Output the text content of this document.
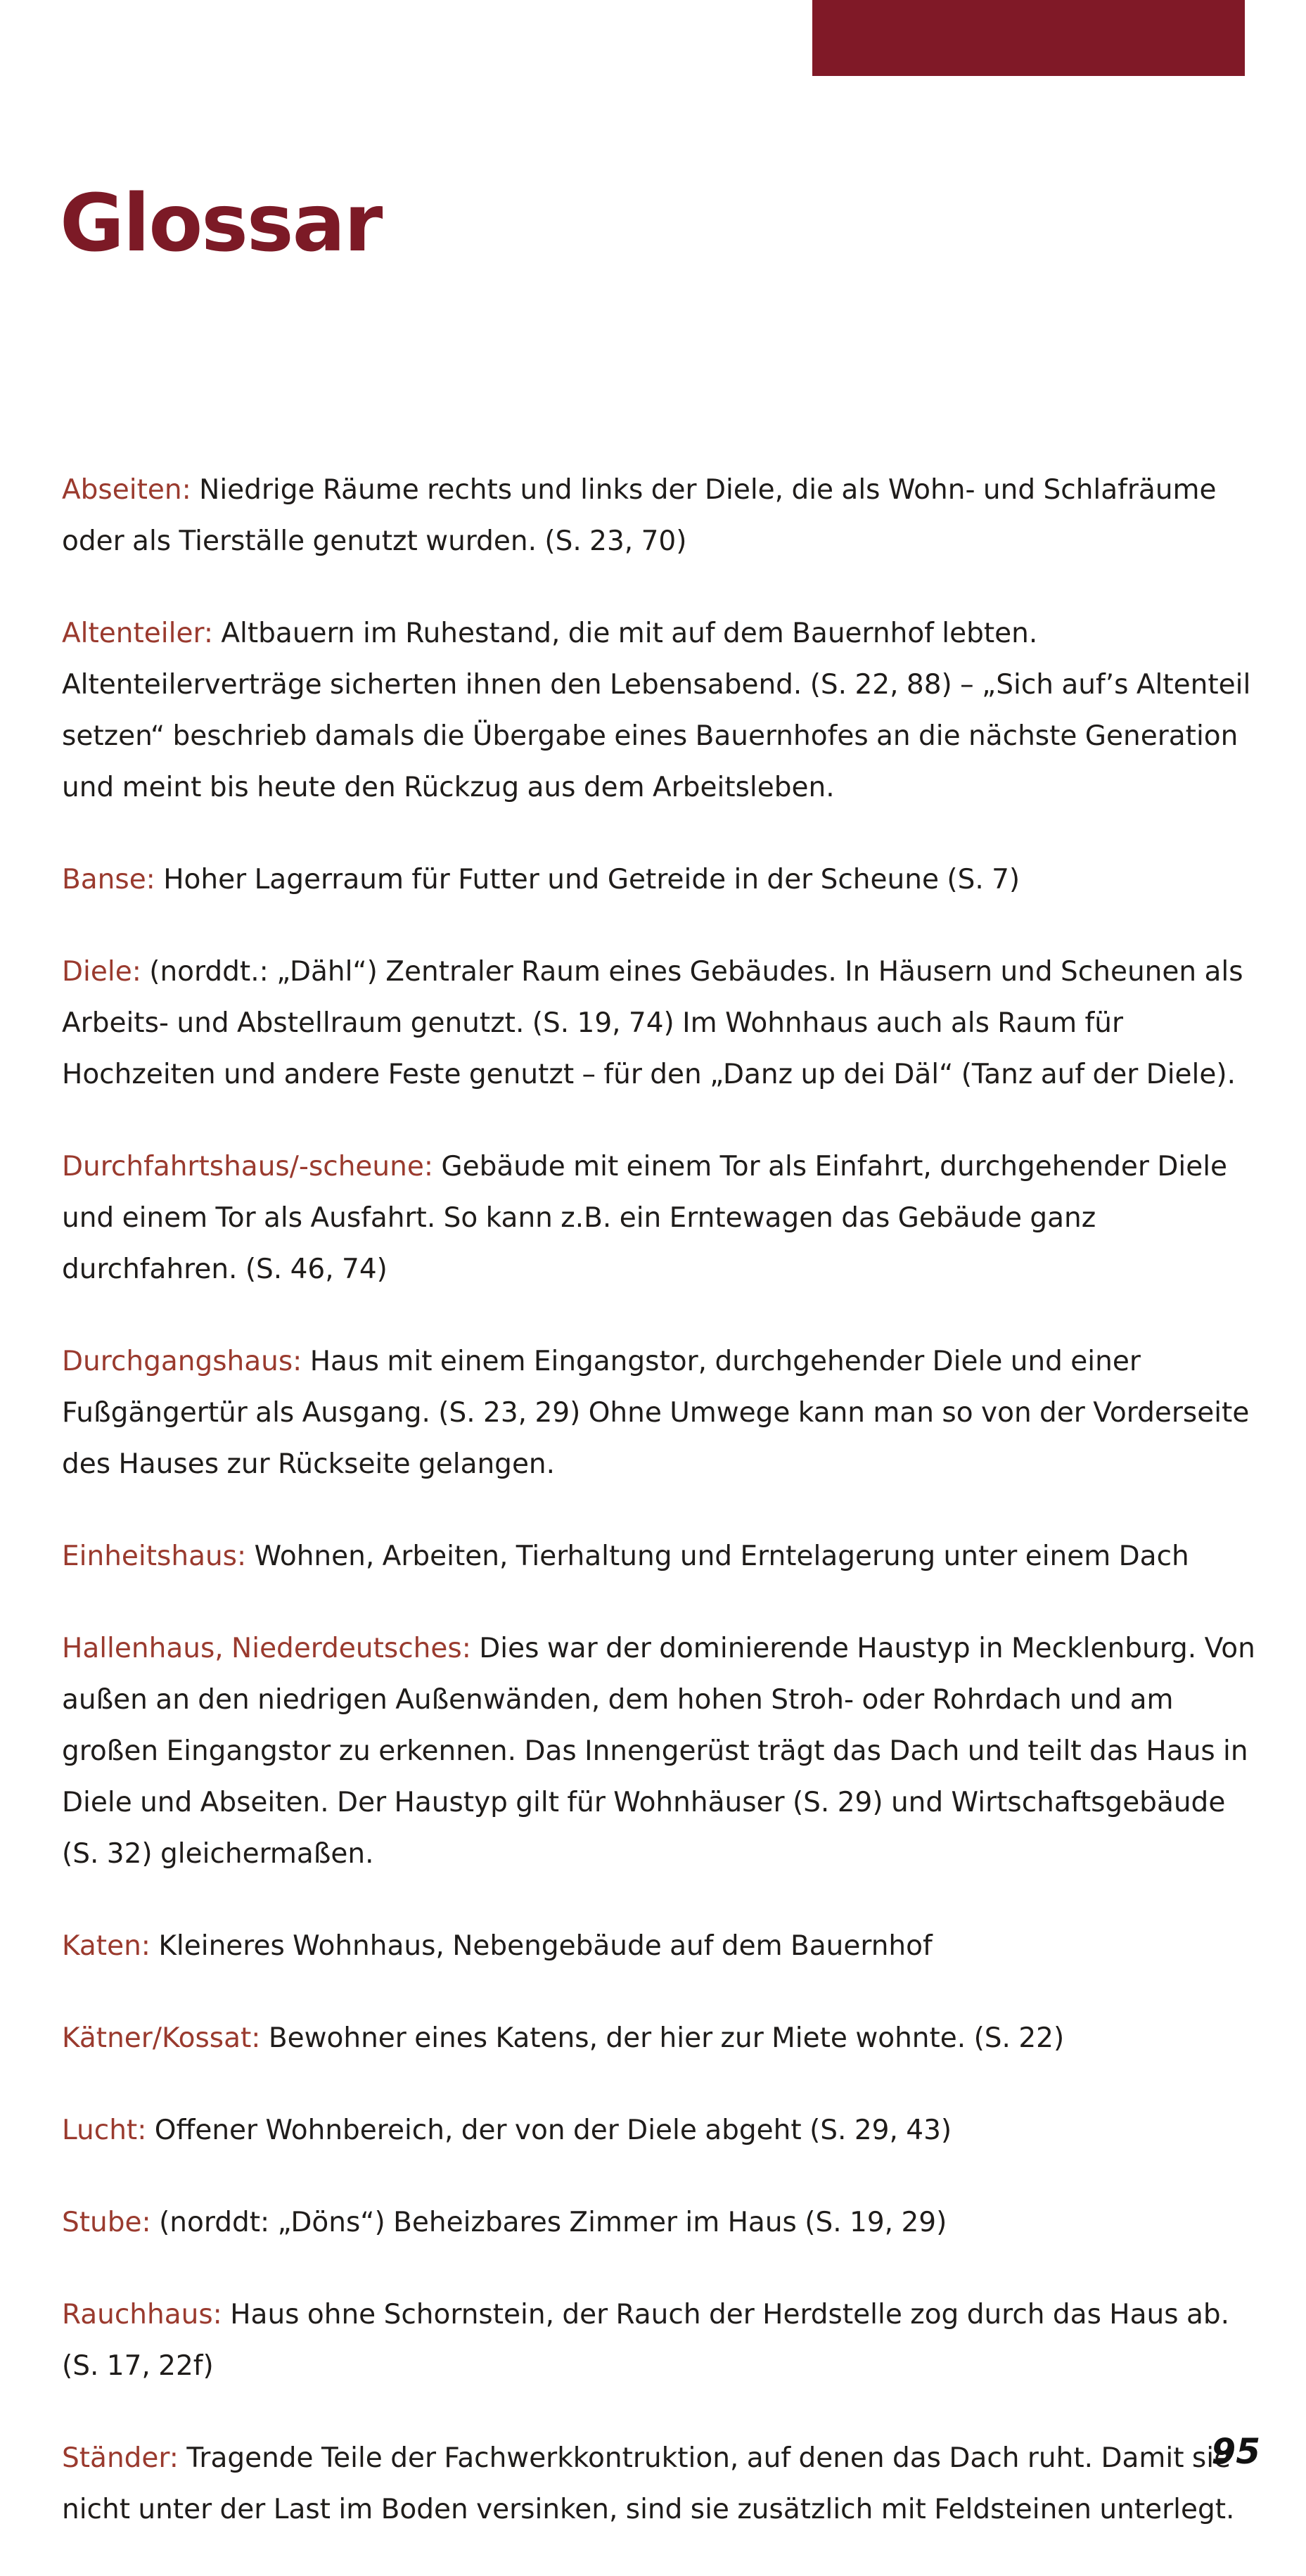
Glossar

Abseiten: Niedrige Räume rechts und links der Diele, die als Wohn- und Schlafräume oder als Tierställe genutzt wurden. (S. 23, 70)

Altenteiler: Altbauern im Ruhestand, die mit auf dem Bauernhof lebten. Altenteilerverträge sicherten ihnen den Lebensabend. (S. 22, 88) – „Sich auf’s Altenteil setzen“ beschrieb damals die Übergabe eines Bauernhofes an die nächste Generation und meint bis heute den Rückzug aus dem Arbeitsleben.

Banse: Hoher Lagerraum für Futter und Getreide in der Scheune (S. 7)

Diele: (norddt.: „Dähl“) Zentraler Raum eines Gebäudes. In Häusern und Scheunen als Arbeits- und Abstellraum genutzt. (S. 19, 74) Im Wohnhaus auch als Raum für Hochzeiten und andere Feste genutzt – für den „Danz up dei Däl“ (Tanz auf der Diele).

Durchfahrtshaus/-scheune: Gebäude mit einem Tor als Einfahrt, durchgehender Diele und einem Tor als Ausfahrt. So kann z.B. ein Erntewagen das Gebäude ganz durchfahren. (S. 46, 74)

Durchgangshaus: Haus mit einem Eingangstor, durchgehender Diele und einer Fußgängertür als Ausgang. (S. 23, 29) Ohne Umwege kann man so von der Vorderseite des Hauses zur Rückseite gelangen.

Einheitshaus: Wohnen, Arbeiten, Tierhaltung und Erntelagerung unter einem Dach

Hallenhaus, Niederdeutsches: Dies war der dominierende Haustyp in Mecklenburg. Von außen an den niedrigen Außenwänden, dem hohen Stroh- oder Rohrdach und am großen Eingangstor zu erkennen. Das Innengerüst trägt das Dach und teilt das Haus in Diele und Abseiten. Der Haustyp gilt für Wohnhäuser (S. 29) und Wirtschaftsgebäude (S. 32) gleichermaßen.

Katen: Kleineres Wohnhaus, Nebengebäude auf dem Bauernhof

Kätner/Kossat: Bewohner eines Katens, der hier zur Miete wohnte. (S. 22)

Lucht: Offener Wohnbereich, der von der Diele abgeht (S. 29, 43)

Stube: (norddt: „Döns“) Beheizbares Zimmer im Haus (S. 19, 29)

Rauchhaus: Haus ohne Schornstein, der Rauch der Herdstelle zog durch das Haus ab. (S. 17, 22f)

Ständer: Tragende Teile der Fachwerkkontruktion, auf denen das Dach ruht. Damit sie nicht unter der Last im Boden versinken, sind sie zusätzlich mit Feldsteinen unterlegt.

95
